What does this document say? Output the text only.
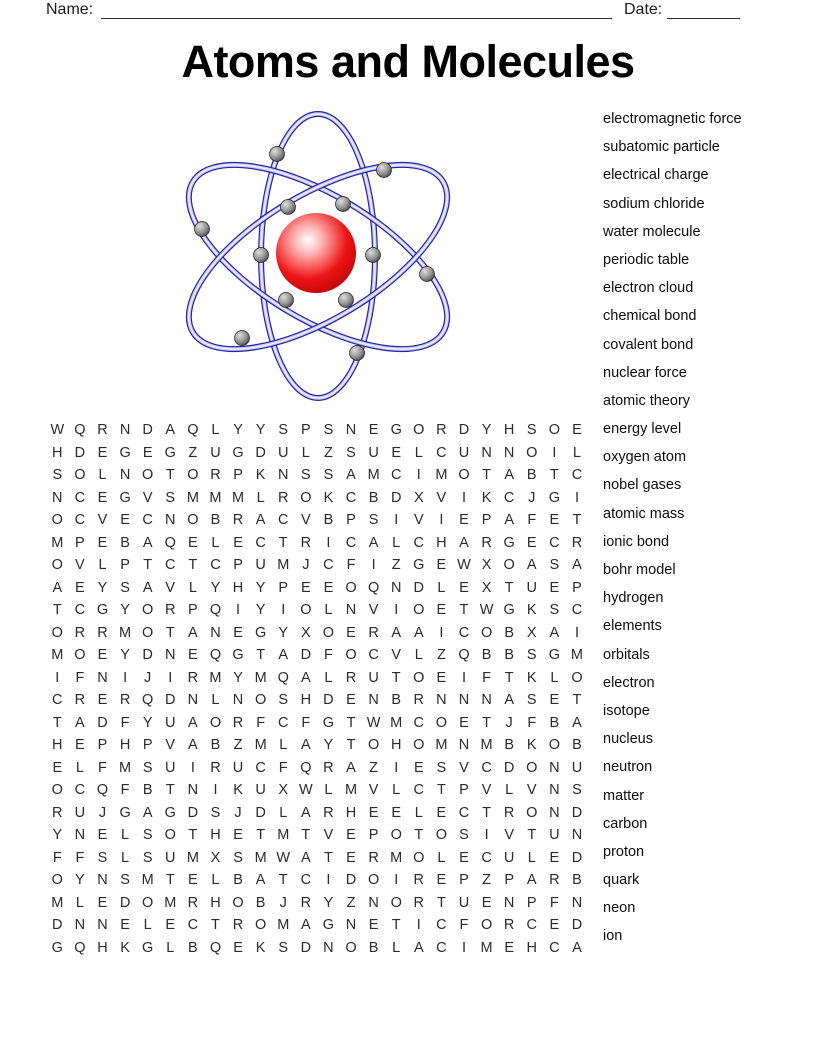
Name:	Date:
Atoms and Molecules
W Q R N D A Q L Y Y S P S N E G O R D Y H S O E
H D E G E G Z U G D U L Z S U E L C U N N O	I	L
S O L N O T O R P K N S S A M C	I	M O T A B T C
N C E G V S M M M L R O K C B D X V	I	K C J G	I
O C V E C N O B R A C V B P S	I	V	I	E P A F E T
M P E B A Q E L E C T R	I	C A L C H A R G E C R
O V L P T C T C P U M J C F	I	Z G E W X O A S A
A E Y S A V L Y H Y P E E O Q N D L E X T U E P
T C G Y O R P Q	I	Y	I	O L N V	I	O E T W G K S C
O R R M O T A N E G Y X O E R A A	I	C O B X A	I
M O E Y D N E Q G T A D F O C V L Z Q B B S G M
I	F N	I	J	I	R M Y M Q A L R U T O E	I	F T K L O
C R E R Q D N L N O S H D E N B R N N N A S E T
T A D F Y U A O R F C F G T W M C O E T	J	F B A
H E P H P V A B Z M L A Y T O H O M N M B K O B
E L F M S U	I	R U C F Q R A Z	I	E S V C D O N U
O C Q F B T N	I	K U X W L M V L C T P V L V N S
R U J G A G D S J D L A R H E E L E C T R O N D
Y N E L S O T H E T M T V E P O T O S	I	V T U N
F F S L S U M X S M W A T E R M O L E C U L E D
O Y N S M T E L B A T C	I	D O	I	R E P Z P A R B
M L E D O M R H O B J R Y Z N O R T U E N P F N
D N N E L E C T R O M A G N E T	I	C F O R C E D
G Q H K G L B Q E K S D N O B L A C	I	M E H C A
electromagnetic force
subatomic particle
electrical charge
sodium chloride
water molecule
periodic table
electron cloud
chemical bond
covalent bond
nuclear force
atomic theory
energy level
oxygen atom
nobel gases
atomic mass
ionic bond
bohr model
hydrogen
elements
orbitals
electron
isotope
nucleus
neutron
matter
carbon
proton
quark
neon
ion
